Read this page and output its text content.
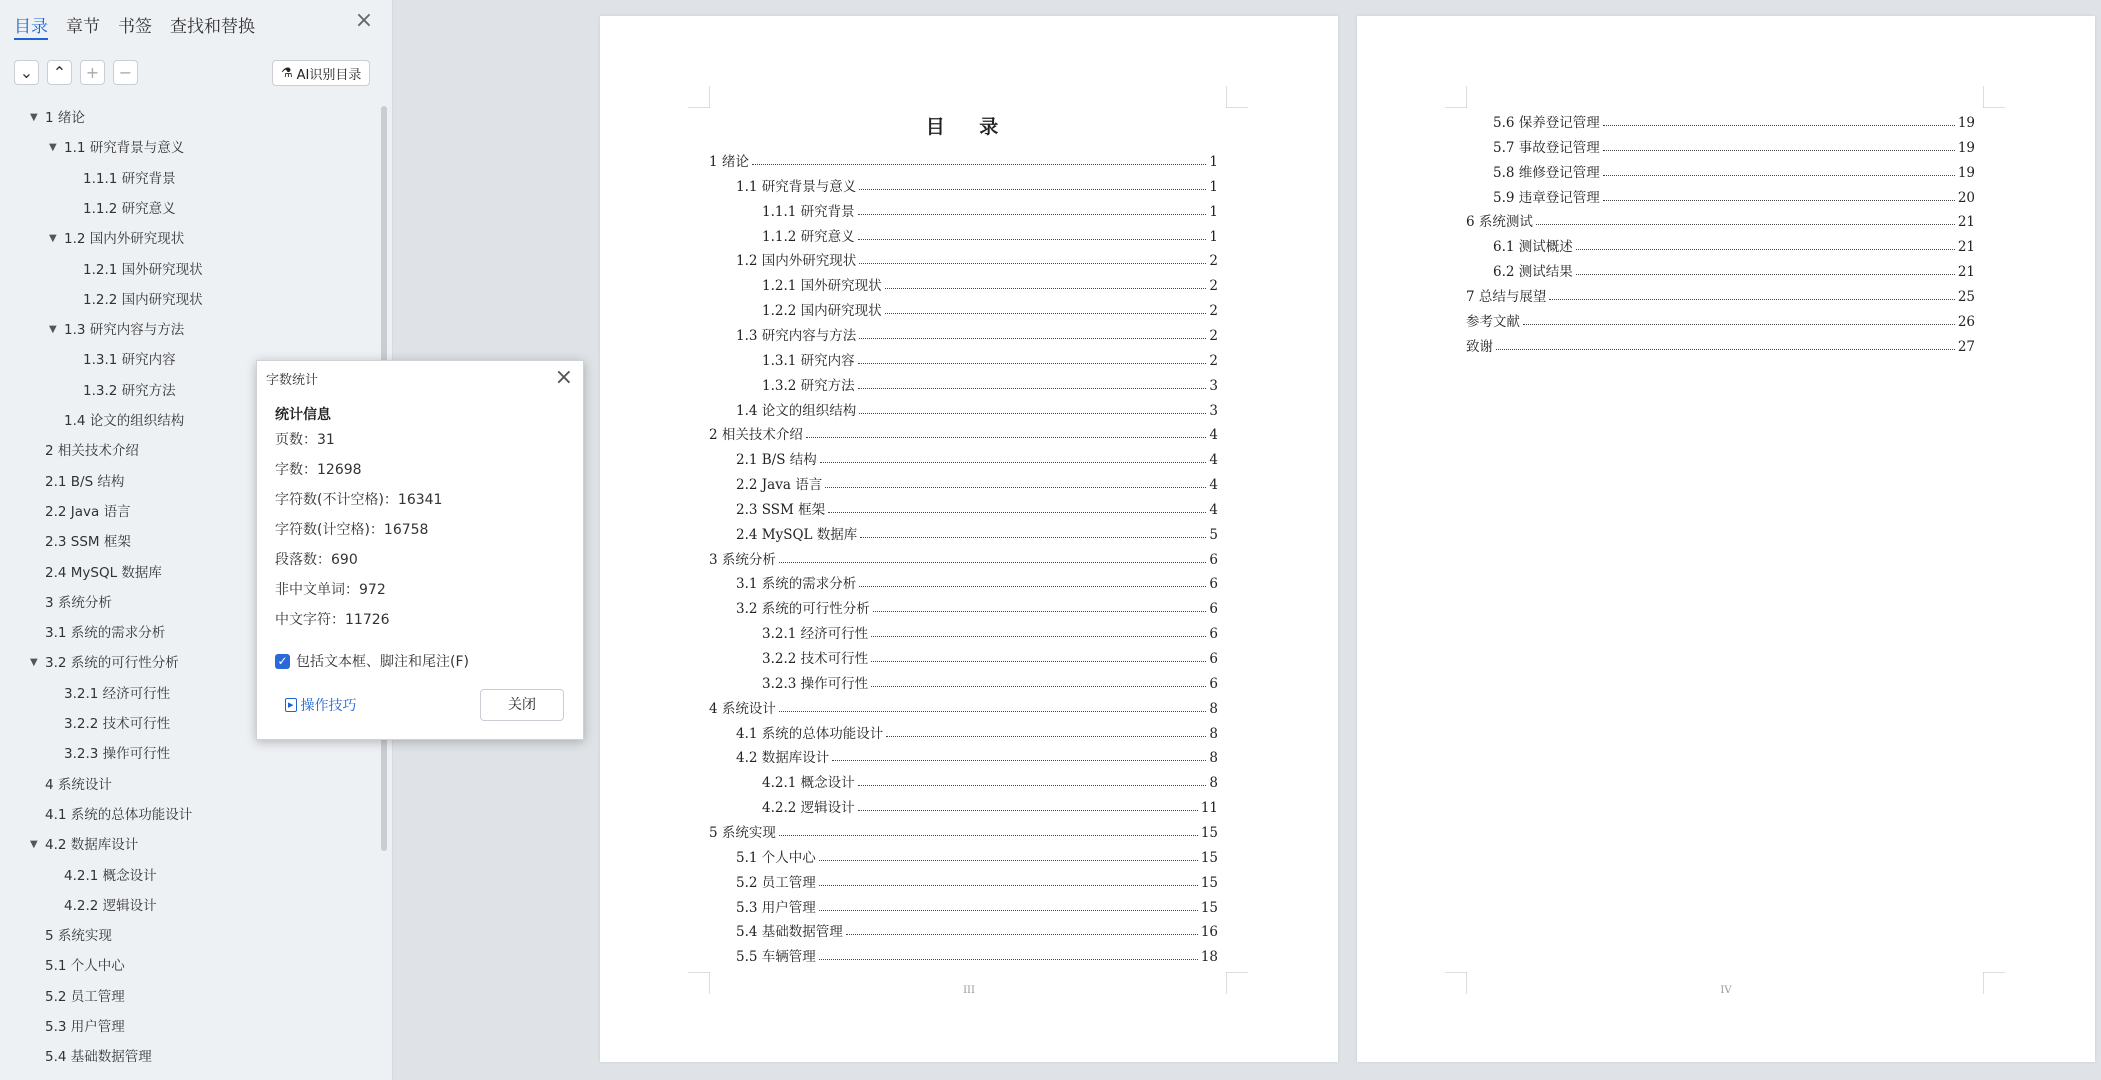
目录 章节 书签 查找和替换	×
⌄ ⌃ + −	⚗ AI识别目录
▼ 1 绪论
▼ 1.1 研究背景与意义
1.1.1 研究背景
1.1.2 研究意义
▼ 1.2 国内外研究现状
1.2.1 国外研究现状
1.2.2 国内研究现状
▼ 1.3 研究内容与方法
1.3.1 研究内容
1.3.2 研究方法
1.4 论文的组织结构
2 相关技术介绍
2.1 B/S 结构
2.2 Java 语言
2.3 SSM 框架
2.4 MySQL 数据库
3 系统分析
3.1 系统的需求分析
▼ 3.2 系统的可行性分析
3.2.1 经济可行性
3.2.2 技术可行性
3.2.3 操作可行性
4 系统设计
4.1 系统的总体功能设计
▼ 4.2 数据库设计
4.2.1 概念设计
4.2.2 逻辑设计
5 系统实现
5.1 个人中心
5.2 员工管理
5.3 用户管理
5.4 基础数据管理
目 录
1 绪论	1
1.1 研究背景与意义	1
1.1.1 研究背景	1
1.1.2 研究意义	1
1.2 国内外研究现状	2
1.2.1 国外研究现状	2
1.2.2 国内研究现状	2
1.3 研究内容与方法	2
1.3.1 研究内容	2
1.3.2 研究方法	3
1.4 论文的组织结构	3
2 相关技术介绍	4
2.1 B/S 结构	4
2.2 Java 语言	4
2.3 SSM 框架	4
2.4 MySQL 数据库	5
3 系统分析	6
3.1 系统的需求分析	6
3.2 系统的可行性分析	6
3.2.1 经济可行性	6
3.2.2 技术可行性	6
3.2.3 操作可行性	6
4 系统设计	8
4.1 系统的总体功能设计	8
4.2 数据库设计	8
4.2.1 概念设计	8
4.2.2 逻辑设计	11
5 系统实现	15
5.1 个人中心	15
5.2 员工管理	15
5.3 用户管理	15
5.4 基础数据管理	16
5.5 车辆管理	18
III
5.6 保养登记管理	19
5.7 事故登记管理	19
5.8 维修登记管理	19
5.9 违章登记管理	20
6 系统测试	21
6.1 测试概述	21
6.2 测试结果	21
7 总结与展望	25
参考文献	26
致谢	27
IV
字数统计	×
统计信息
页数：31
字数：12698
字符数(不计空格)：16341
字符数(计空格)：16758
段落数：690
非中文单词：972
中文字符：11726
✓ 包括文本框、脚注和尾注(F)
▸ 操作技巧	关闭
